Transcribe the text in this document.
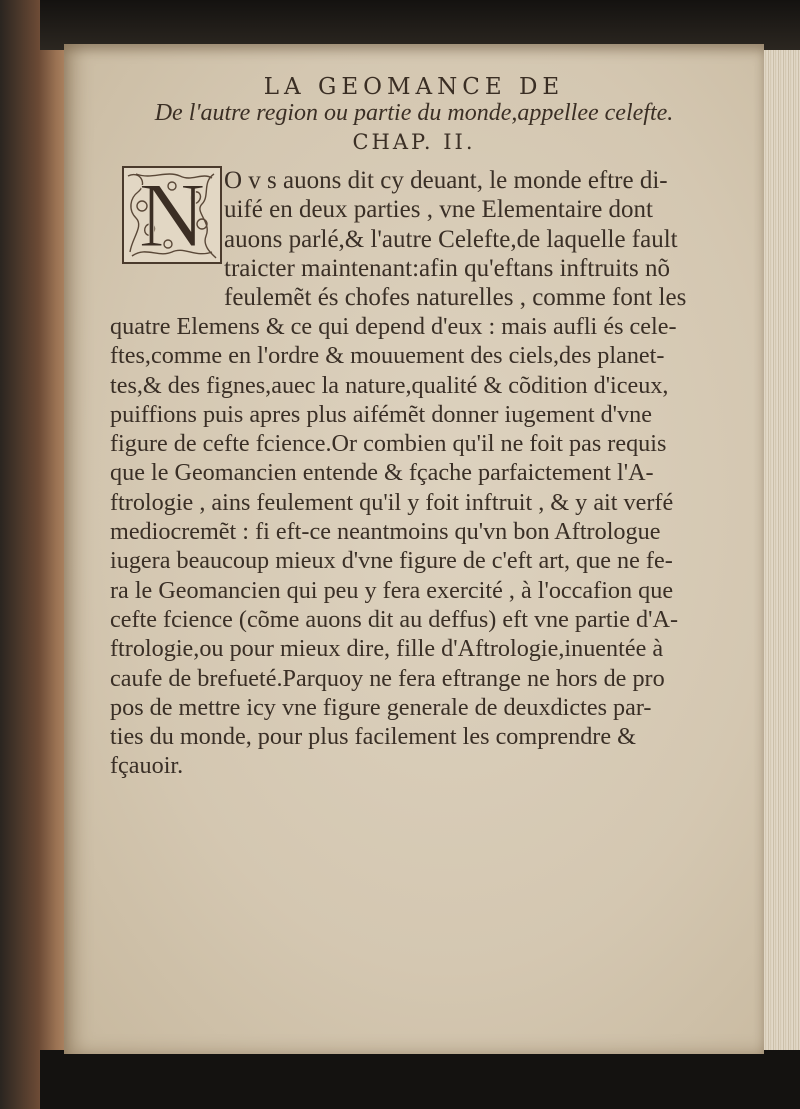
LA GEOMANCE DE
De l'autre region ou partie du monde,appellee celefte.
CHAP. II.
N O v s auons dit cy deuant, le monde eftre di-
uifé en deux parties , vne Elementaire dont
auons parlé,& l'autre Celefte,de laquelle fault
traicter maintenant:afin qu'eftans inftruits nõ
feulemẽt és chofes naturelles , comme font les
quatre Elemens & ce qui depend d'eux : mais aufli és cele-
ftes,comme en l'ordre & mouuement des ciels,des planet-
tes,& des fignes,auec la nature,qualité & cõdition d'iceux,
puiffions puis apres plus aifémẽt donner iugement d'vne
figure de cefte fcience.Or combien qu'il ne foit pas requis
que le Geomancien entende & fçache parfaictement l'A-
ftrologie , ains feulement qu'il y foit inftruit , & y ait verfé
mediocremẽt : fi eft-ce neantmoins qu'vn bon Aftrologue
iugera beaucoup mieux d'vne figure de c'eft art, que ne fe-
ra le Geomancien qui peu y fera exercité , à l'occafion que
cefte fcience (cõme auons dit au deffus) eft vne partie d'A-
ftrologie,ou pour mieux dire, fille d'Aftrologie,inuentée à
caufe de brefueté.Parquoy ne fera eftrange ne hors de pro
pos de mettre icy vne figure generale de deuxdictes par-
ties du monde, pour plus facilement les comprendre &
fçauoir.
